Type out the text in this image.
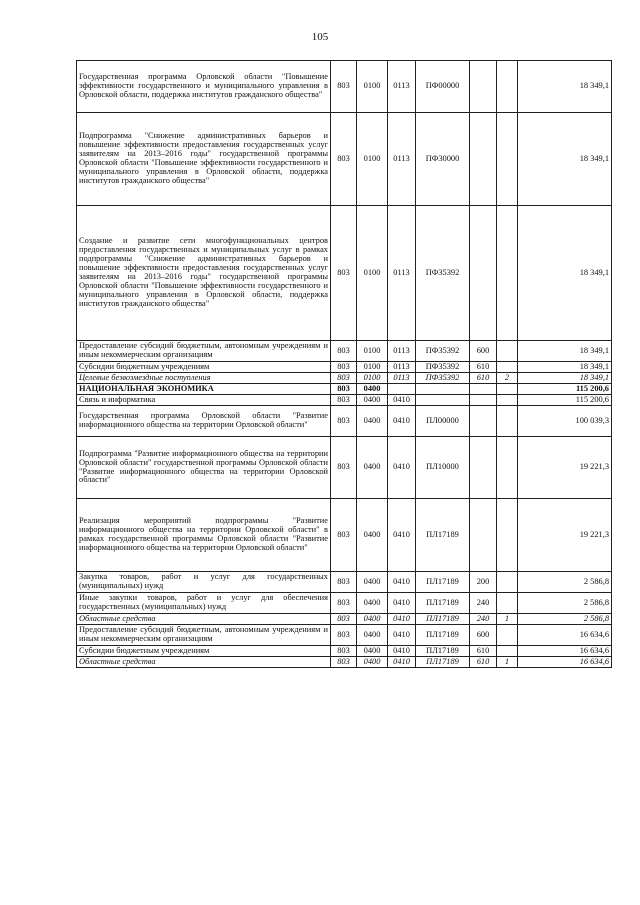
105
Государственная программа Орловской области "Повышение эффективности государственного и муниципального управления в Орловской области, поддержка институтов гражданского общества"	803	0100	0113	ПФ00000			18 349,1
Подпрограмма "Снижение административных барьеров и повышение эффективности предоставления государственных услуг заявителям на 2013–2016 годы" государственной программы Орловской области "Повышение эффективности государственного и муниципального управления в Орловской области, поддержка институтов гражданского общества"	803	0100	0113	ПФ30000			18 349,1
Создание и развитие сети многофункциональных центров предоставления государственных и муниципальных услуг в рамках подпрограммы "Снижение административных барьеров и повышение эффективности предоставления государственных услуг заявителям на 2013–2016 годы" государственной программы Орловской области "Повышение эффективности государственного и муниципального управления в Орловской области, поддержка институтов гражданского общества"	803	0100	0113	ПФ35392			18 349,1
Предоставление субсидий бюджетным, автономным учреждениям и иным некоммерческим организациям	803	0100	0113	ПФ35392	600		18 349,1
Субсидии бюджетным учреждениям	803	0100	0113	ПФ35392	610		18 349,1
Целевые безвозмездные поступления	803	0100	0113	ПФ35392	610	2	18 349,1
НАЦИОНАЛЬНАЯ ЭКОНОМИКА	803	0400					115 200,6
Связь и информатика	803	0400	0410				115 200,6
Государственная программа Орловской области "Развитие информационного общества на территории Орловской области"	803	0400	0410	ПЛ00000			100 039,3
Подпрограмма "Развитие информационного общества на территории Орловской области" государственной программы Орловской области "Развитие информационного общества на территории Орловской области"	803	0400	0410	ПЛ10000			19 221,3
Реализация мероприятий подпрограммы "Развитие информационного общества на территории Орловской области" в рамках государственной программы Орловской области "Развитие информационного общества на территории Орловской области"	803	0400	0410	ПЛ17189			19 221,3
Закупка товаров, работ и услуг для государственных (муниципальных) нужд	803	0400	0410	ПЛ17189	200		2 586,8
Иные закупки товаров, работ и услуг для обеспечения государственных (муниципальных) нужд	803	0400	0410	ПЛ17189	240		2 586,8
Областные средства	803	0400	0410	ПЛ17189	240	1	2 586,8
Предоставление субсидий бюджетным, автономным учреждениям и иным некоммерческим организациям	803	0400	0410	ПЛ17189	600		16 634,6
Субсидии бюджетным учреждениям	803	0400	0410	ПЛ17189	610		16 634,6
Областные средства	803	0400	0410	ПЛ17189	610	1	16 634,6
